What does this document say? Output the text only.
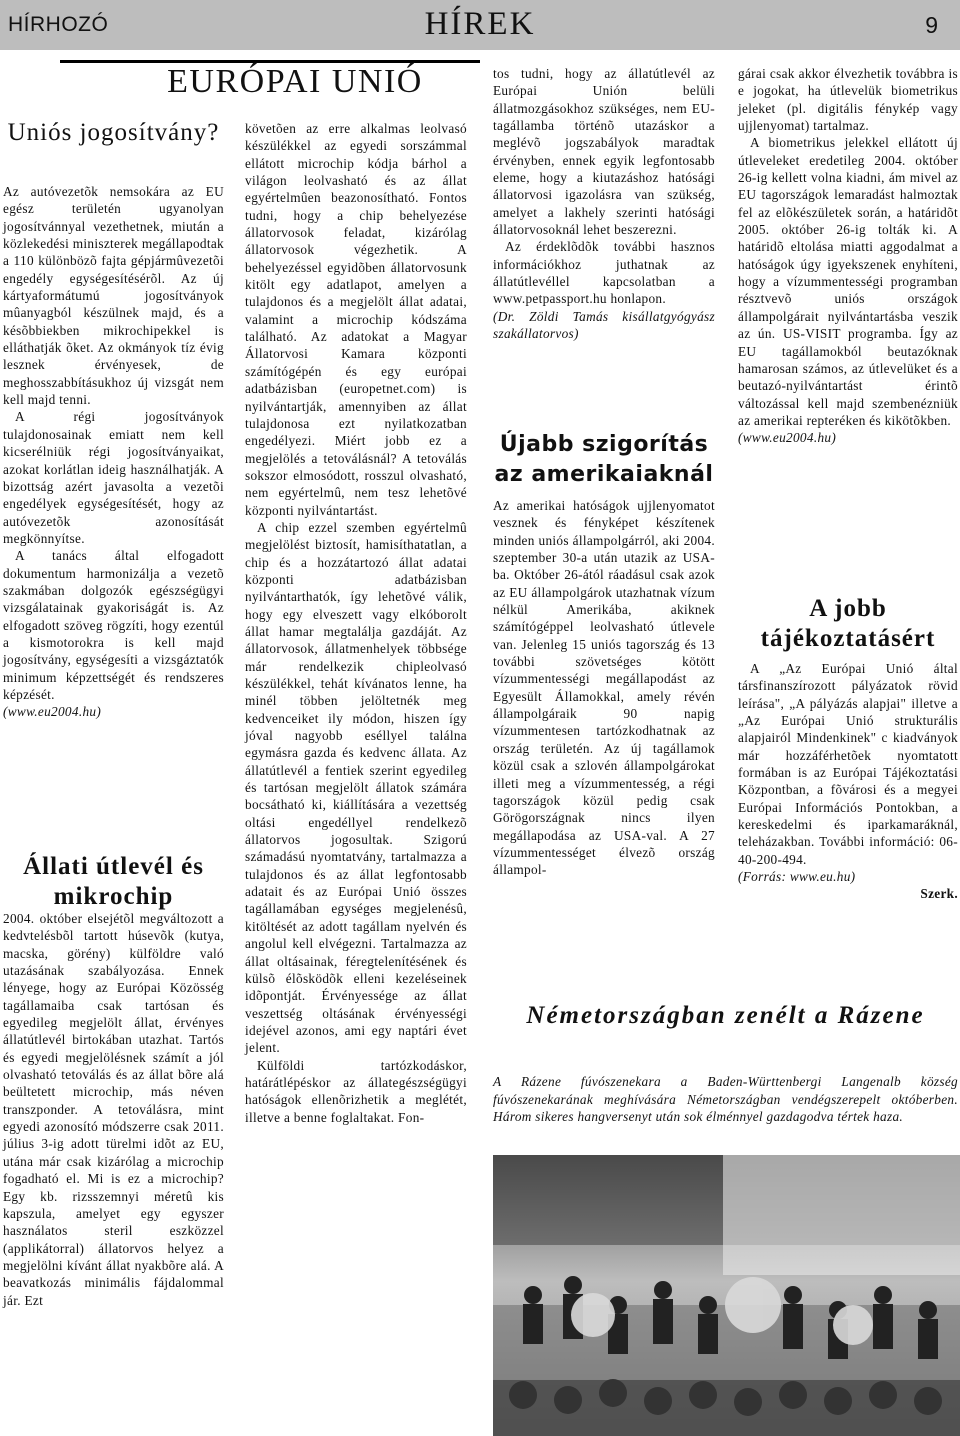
HÍRHOZÓ	HÍREK	9
EURÓPAI UNIÓ
Uniós jogosítvány?

Az autóvezetõk nemsokára az EU egész területén ugyanolyan jogosítvánnyal vezethetnek, miután a közlekedési miniszterek megállapodtak a 110 különbözõ fajta gépjármûvezetõi engedély egységesítésérõl. Az új kártyaformátumú jogosítványok mûanyagból készülnek majd, és a késõbbiekben mikrochipekkel is elláthatják õket. Az okmányok tíz évig lesznek érvényesek, de meghosszabbításukhoz új vizsgát nem kell majd tenni.

A régi jogosítványok tulajdonosainak emiatt nem kell kicserélniük régi jogosítványaikat, azokat korlátlan ideig használhatják. A bizottság azért javasolta a vezetõi engedélyek egységesítését, hogy az autóvezetõk azonosítását megkönnyítse.

A tanács által elfogadott dokumentum harmonizálja a vezetõ szakmában dolgozók egészségügyi vizsgálatainak gyakoriságát is. Az elfogadott szöveg rögzíti, hogy ezentúl a kismotorokra is kell majd jogosítvány, egységesíti a vizsgáztatók minimum képzettségét és rendszeres képzését.

(www.eu2004.hu)

Állati útlevél és mikrochip

2004. október elsejétõl megváltozott a kedvtelésbõl tartott húsevõk (kutya, macska, görény) külföldre való utazásának szabályozása. Ennek lényege, hogy az Európai Közösség tagállamaiba csak tartósan és egyedileg megjelölt állat, érvényes állatútlevél birtokában utazhat. Tartós és egyedi megjelölésnek számít a jól olvasható tetoválás és az állat bõre alá beültetett microchip, más néven transzponder. A tetoválásra, mint egyedi azonosító módszerre csak 2011. július 3-ig adott türelmi idõt az EU, utána már csak kizárólag a microchip fogadható el. Mi is ez a microchip? Egy kb. rizsszemnyi méretû kis kapszula, amelyet egy egyszer használatos steril eszközzel (applikátorral) állatorvos helyez a megjelölni kívánt állat nyakbõre alá. A beavatkozás minimális fájdalommal jár. Ezt

követõen az erre alkalmas leolvasó készülékkel az egyedi sorszámmal ellátott microchip kódja bárhol a világon leolvasható és az állat egyértelmûen beazonosítható. Fontos tudni, hogy a chip behelyezése állatorvosok feladat, kizárólag állatorvosok végezhetik. A behelyezéssel egyidõben állatorvosunk kitölt egy adatlapot, amelyen a tulajdonos és a megjelölt állat adatai, valamint a microchip kódszáma található. Az adatokat a Magyar Állatorvosi Kamara központi számítógépén és egy európai adatbázisban (europetnet.com) is nyilvántartják, amennyiben az állat tulajdonosa ezt nyilatkozatban engedélyezi. Miért jobb ez a megjelölés a tetoválásnál? A tetoválás sokszor elmosódott, rosszul olvasható, nem egyértelmû, nem tesz lehetõvé központi nyilvántartást.

A chip ezzel szemben egyértelmû megjelölést biztosít, hamisíthatatlan, a chip és a hozzátartozó állat adatai központi adatbázisban nyilvántarthatók, így lehetõvé válik, hogy egy elveszett vagy elkóborolt állat hamar megtalálja gazdáját. Az állatorvosok, állatmenhelyek többsége már rendelkezik chipleolvasó készülékkel, tehát kívánatos lenne, ha minél többen jelöltetnék meg kedvenceiket ily módon, hiszen így jóval nagyobb eséllyel találna egymásra gazda és kedvenc állata. Az állatútlevél a fentiek szerint egyedileg és tartósan megjelölt állatok számára bocsátható ki, kiállítására a vezettség oltási engedéllyel rendelkezõ állatorvos jogosultak. Szigorú számadású nyomtatvány, tartalmazza a tulajdonos és az állat legfontosabb adatait és az Európai Unió összes tagállamában egységes megjelenésû, kitöltését az adott tagállam nyelvén és angolul kell elvégezni. Tartalmazza az állat oltásainak, féregtelenítésének és külsõ élõsködõk elleni kezeléseinek idõpontját. Érvényessége az állat veszettség oltásának érvényességi idejével azonos, ami egy naptári évet jelent.

Külföldi tartózkodáskor, határátlépéskor az állategészségügyi hatóságok ellenõrizhetik a meglétét, illetve a benne foglaltakat. Fon-

tos tudni, hogy az állatútlevél az Európai Unión belüli állatmozgásokhoz szükséges, nem EU-tagállamba történõ utazáskor a meglévõ jogszabályok maradtak érvényben, ennek egyik legfontosabb eleme, hogy a kiutazáshoz hatósági állatorvosi igazolásra van szükség, amelyet a lakhely szerinti hatósági állatorvosoknál lehet beszerezni.

Az érdeklõdõk további hasznos információkhoz juthatnak az állatútlevéllel kapcsolatban a www.petpassport.hu honlapon.

(Dr. Zöldi Tamás kisállatgyógyász szakállatorvos)

Újabb szigorítás az amerikaiaknál

Az amerikai hatóságok ujjlenyomatot vesznek és fényképet készítenek minden uniós állampolgárról, aki 2004. szeptember 30-a után utazik az USA-ba. Október 26-ától ráadásul csak azok az EU állampolgárok utazhatnak vízum nélkül Amerikába, akiknek számítógéppel leolvasható útlevele van. Jelenleg 15 uniós tagország és 13 további szövetséges kötött vízummentességi megállapodást az Egyesült Államokkal, amely révén állampolgáraik 90 napig vízummentesen tartózkodhatnak az ország területén. Az új tagállamok közül csak a szlovén állampolgárokat illeti meg a vízummentesség, a régi tagországok közül pedig csak Görögországnak nincs ilyen megállapodása az USA-val. A 27 vízummentességet élvezõ ország állampol-

gárai csak akkor élvezhetik továbbra is e jogokat, ha útlevelük biometrikus jeleket (pl. digitális fénykép vagy ujjlenyomat) tartalmaz.

A biometrikus jelekkel ellátott új útleveleket eredetileg 2004. október 26-ig kellett volna kiadni, ám mivel az EU tagországok lemaradást halmoztak fel az elõkészületek során, a határidõt 2005. október 26-ig tolták ki. A határidõ eltolása miatti aggodalmat a hatóságok úgy igyekszenek enyhíteni, hogy a vízummentességi programban résztvevõ uniós országok állampolgárait nyilvántartásba veszik az ún. US-VISIT programba. Így az EU tagállamokból beutazóknak hamarosan számos, az útlevelüket és a beutazó-nyilvántartást érintõ változással kell majd szembenézniük az amerikai repteréken és kikötõkben.

(www.eu2004.hu)

A jobb tájékoztatásért

A „Az Európai Unió által társfinanszírozott pályázatok rövid leírása", „A pályázás alapjai" illetve a „Az Európai Unió strukturális alapjairól Mindenkinek" c kiadványok már hozzáférhetõek nyomtatott formában is az Európai Tájékoztatási Központban, a fõvárosi és a megyei Európai Információs Pontokban, a kereskedelmi és iparkamaráknál, teleházakban. További információ: 06-40-200-494.

(Forrás: www.eu.hu)

Szerk.

Németországban zenélt a Rázene
A Rázene fúvószenekara a Baden-Württenbergi Langenalb község fúvószenekarának meghívására Németországban vendégszerepelt októberben. Három sikeres hangversenyt után sok élménnyel gazdagodva tértek haza.
